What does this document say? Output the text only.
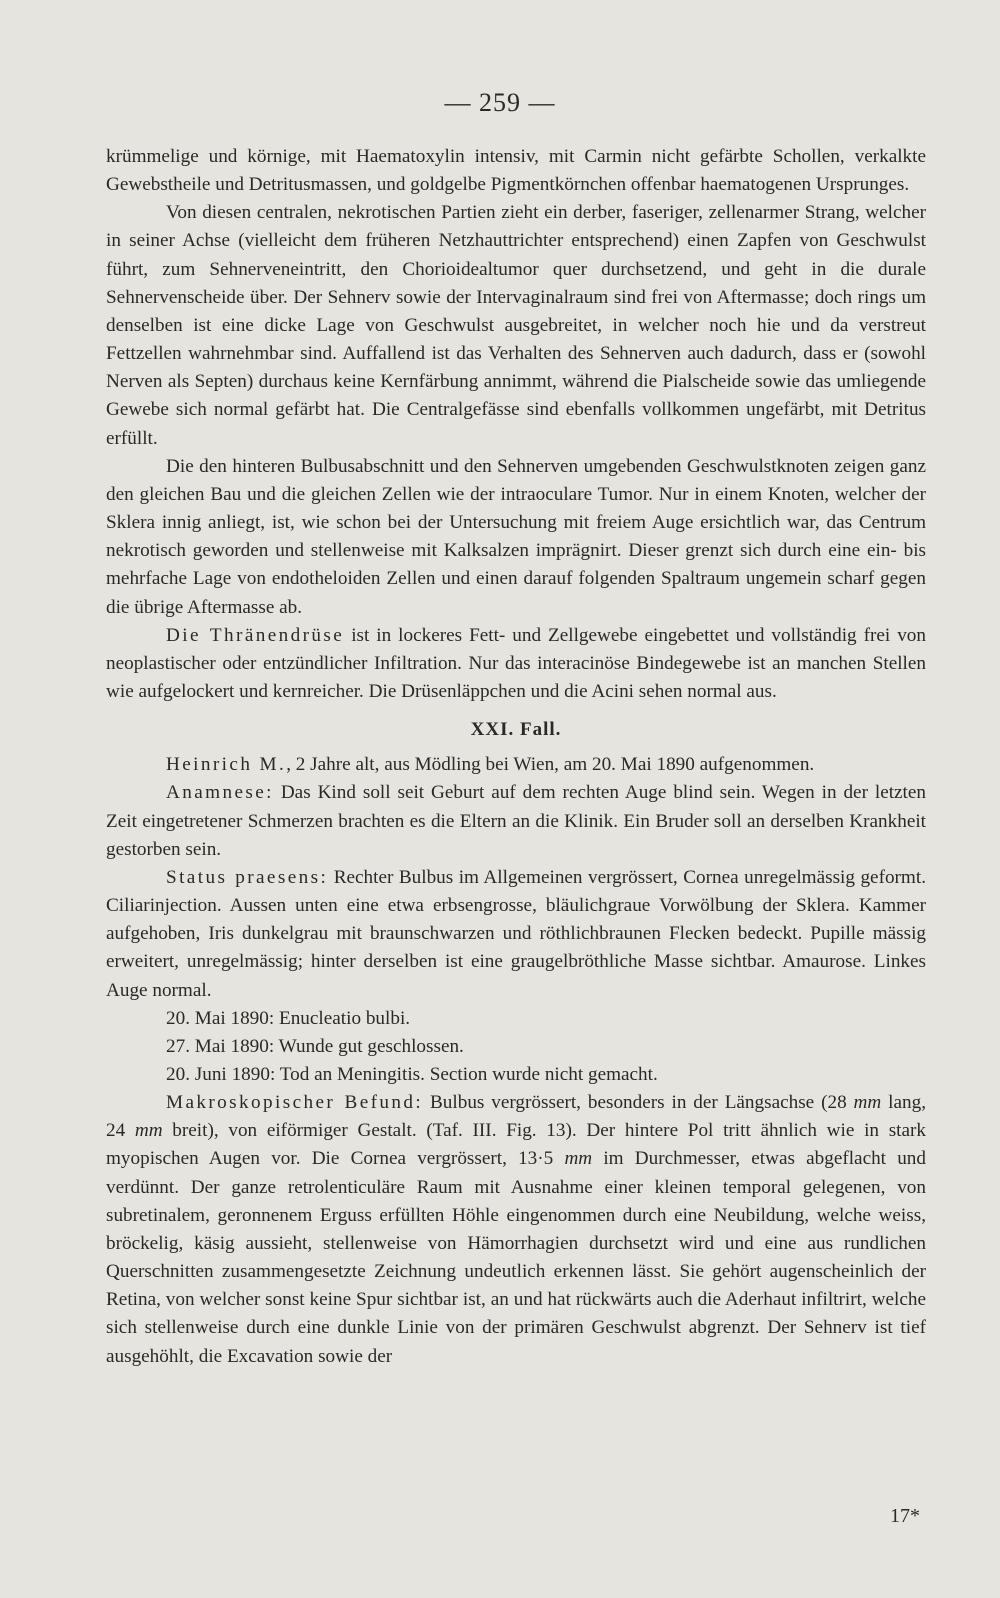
— 259 —

krümmelige und körnige, mit Haematoxylin intensiv, mit Carmin nicht gefärbte Schollen, verkalkte Gewebstheile und Detritusmassen, und goldgelbe Pigmentkörnchen offenbar haematogenen Ursprunges.

Von diesen centralen, nekrotischen Partien zieht ein derber, faseriger, zellenarmer Strang, welcher in seiner Achse (vielleicht dem früheren Netzhauttrichter entsprechend) einen Zapfen von Geschwulst führt, zum Sehnerveneintritt, den Chorioidealtumor quer durchsetzend, und geht in die durale Sehnervenscheide über. Der Sehnerv sowie der Intervaginalraum sind frei von Aftermasse; doch rings um denselben ist eine dicke Lage von Geschwulst ausgebreitet, in welcher noch hie und da verstreut Fettzellen wahrnehmbar sind. Auffallend ist das Verhalten des Sehnerven auch dadurch, dass er (sowohl Nerven als Septen) durchaus keine Kernfärbung annimmt, während die Pialscheide sowie das umliegende Gewebe sich normal gefärbt hat. Die Centralgefässe sind ebenfalls vollkommen ungefärbt, mit Detritus erfüllt.

Die den hinteren Bulbusabschnitt und den Sehnerven umgebenden Geschwulstknoten zeigen ganz den gleichen Bau und die gleichen Zellen wie der intraoculare Tumor. Nur in einem Knoten, welcher der Sklera innig anliegt, ist, wie schon bei der Untersuchung mit freiem Auge ersichtlich war, das Centrum nekrotisch geworden und stellenweise mit Kalksalzen imprägnirt. Dieser grenzt sich durch eine ein- bis mehrfache Lage von endotheloiden Zellen und einen darauf folgenden Spaltraum ungemein scharf gegen die übrige Aftermasse ab.

Die Thränendrüse ist in lockeres Fett- und Zellgewebe eingebettet und vollständig frei von neoplastischer oder entzündlicher Infiltration. Nur das interacinöse Bindegewebe ist an manchen Stellen wie aufgelockert und kernreicher. Die Drüsenläppchen und die Acini sehen normal aus.

XXI. Fall.

Heinrich M., 2 Jahre alt, aus Mödling bei Wien, am 20. Mai 1890 aufgenommen.

Anamnese: Das Kind soll seit Geburt auf dem rechten Auge blind sein. Wegen in der letzten Zeit eingetretener Schmerzen brachten es die Eltern an die Klinik. Ein Bruder soll an derselben Krankheit gestorben sein.

Status praesens: Rechter Bulbus im Allgemeinen vergrössert, Cornea unregelmässig geformt. Ciliarinjection. Aussen unten eine etwa erbsengrosse, bläulichgraue Vorwölbung der Sklera. Kammer aufgehoben, Iris dunkelgrau mit braunschwarzen und röthlichbraunen Flecken bedeckt. Pupille mässig erweitert, unregelmässig; hinter derselben ist eine graugelbröthliche Masse sichtbar. Amaurose. Linkes Auge normal.

20. Mai 1890: Enucleatio bulbi.

27. Mai 1890: Wunde gut geschlossen.

20. Juni 1890: Tod an Meningitis. Section wurde nicht gemacht.

Makroskopischer Befund: Bulbus vergrössert, besonders in der Längsachse (28 mm lang, 24 mm breit), von eiförmiger Gestalt. (Taf. III. Fig. 13). Der hintere Pol tritt ähnlich wie in stark myopischen Augen vor. Die Cornea vergrössert, 13·5 mm im Durchmesser, etwas abgeflacht und verdünnt. Der ganze retrolenticuläre Raum mit Ausnahme einer kleinen temporal gelegenen, von subretinalem, geronnenem Erguss erfüllten Höhle eingenommen durch eine Neubildung, welche weiss, bröckelig, käsig aussieht, stellenweise von Hämorrhagien durchsetzt wird und eine aus rundlichen Querschnitten zusammengesetzte Zeichnung undeutlich erkennen lässt. Sie gehört augenscheinlich der Retina, von welcher sonst keine Spur sichtbar ist, an und hat rückwärts auch die Aderhaut infiltrirt, welche sich stellenweise durch eine dunkle Linie von der primären Geschwulst abgrenzt. Der Sehnerv ist tief ausgehöhlt, die Excavation sowie der

17*
